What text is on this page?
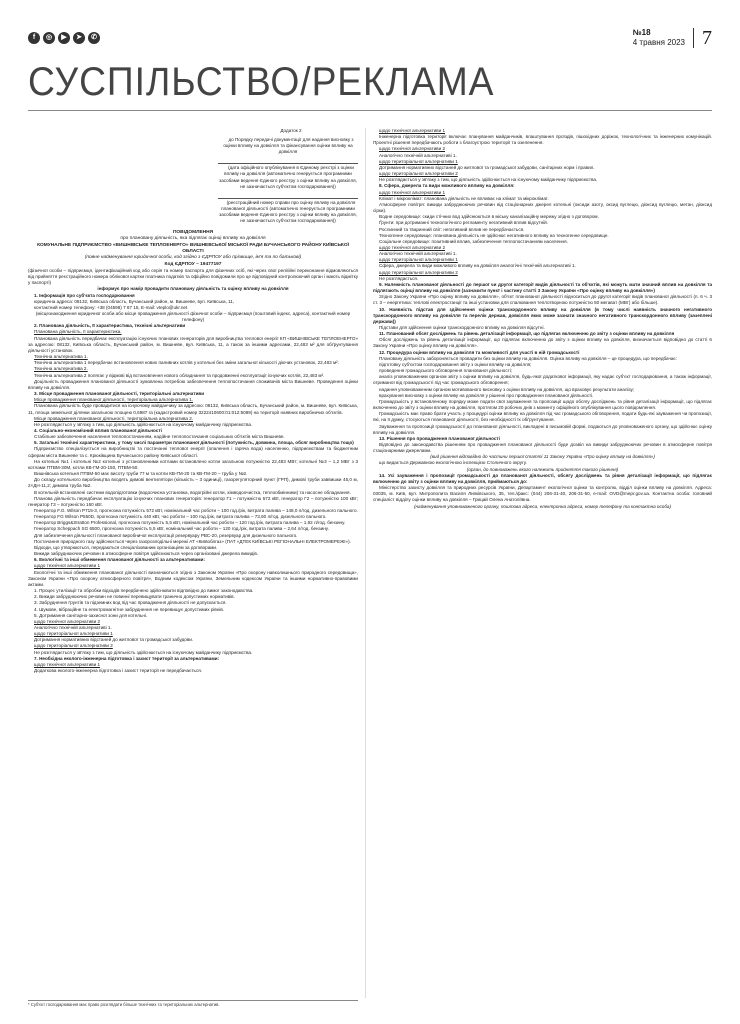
f	◎	▶	➤	✆
№18
4 травня 2023 7
СУСПІЛЬСТВО/РЕКЛАМА

Додаток 2

до Порядку передачі документації для надання висновку з оцінки впливу на довкілля та фінансування оцінки впливу на довкілля

(дата офіційного опублікування в Єдиному реєстрі з оцінки впливу на довкілля (автоматично генерується програмними засобами ведення Єдиного реєстру з оцінки впливу на довкілля, не зазначається суб'єктом господарювання))

(реєстраційний номер справи про оцінку впливу на довкілля планованої діяльності (автоматично генерується програмними засобами ведення Єдиного реєстру з оцінки впливу на довкілля, не зазначається суб'єктом господарювання))

ПОВІДОМЛЕННЯ
про плановану діяльність, яка підлягає оцінці впливу на довкілля
КОМУНАЛЬНЕ ПІДПРИЄМСТВО «ВИШНІВСЬКЕ ТЕПЛОЕНЕРГО» ВИШНЕВСЬКОЇ МІСЬКОЇ РАДИ БУЧАНСЬКОГО РАЙОНУ КИЇВСЬКОЇ ОБЛАСТІ
(повне найменування юридичної особи, код згідно з ЄДРПОУ або прізвище, ім'я та по батькові)
Код ЄДРПОУ – 19477197

(фізичної особи – підприємця, ідентифікаційний код або серія та номер паспорта для фізичних осіб, які через свої релігійні переконання відмовляються від прийняття реєстраційного номера облікової картки платника податків та офіційно повідомили про це відповідний контролюючий орган і мають відмітку у паспорті)

інформує про намір провадити плановану діяльність та оцінку впливу на довкілля

1. Інформація про суб'єкта господарювання

юридична адреса: 08132, Київська область, Бучанський район, м. Вишневе, вул. Київська, 11,

контактний номер телефону: +38 (04598) 7 87 15, E-mail: vteplo@ukr.net

(місцезнаходження юридичної особи або місце провадження діяльності фізичної особи – підприємця (поштовий індекс, адреса), контактний номер телефону)

2. Планована діяльність, її характеристика, технічні альтернативи

Планована діяльність, її характеристика.

Планована діяльність передбачає експлуатацію існуючих планових генераторів для виробництва теплової енергії КП «ВИШНІВСЬКЕ ТЕПЛОЕНЕРГО» за адресою: 08132, Київська область, Бучанський район, м. Вишневе, вул. Київська, 11, а також за іншими адресами, 22,483 м² для обґрунтування діяльності установок.

Технічна альтернатива 1.

Технічна альтернатива 1 передбачає встановлення нових паливних котлів у котельні без зміни загальної кількості діючих установок, 22,483 м².

Технічна альтернатива 2.

Технічна альтернатива 2 полягає у відмові від встановлення нового обладнання та продовженні експлуатації існуючих котлів, 22,483 м².

Доцільність провадження планованої діяльності зумовлена потребою забезпечення теплопостачання споживачів міста Вишневе. Проведення оцінки впливу на довкілля.

3. Місце провадження планованої діяльності, територіальні альтернативи

Місце провадження планованої діяльності, територіальна альтернатива 1.

Планована діяльність буде провадитися на існуючому майданчику за адресою: 08132, Київська область, Бучанський район, м. Вишневе, вул. Київська, 11, площа земельної ділянки загальною площею 0,6987 га (кадастровий номер 3222410600:01:012:5089) на території наявних виробничих об'єктів.

Місце провадження планованої діяльності, територіальна альтернатива 2.

Не розглядається у зв'язку з тим, що діяльність здійснюється на існуючому майданчику підприємства.

4. Соціально-економічний вплив планованої діяльності

Стабільне забезпечення населення теплопостачанням, надійне теплопостачання соціальних об'єктів міста Вишневе.

5. Загальні технічні характеристики, у тому числі параметри планованої діяльності (потужність, довжина, площа, обсяг виробництва тощо)

Підприємство спеціалізується на виробництві та постачанні теплової енергії (опалення і гаряча вода) населенню, підприємствам та бюджетним сферам міста Вишневе та с. Крюківщина Бучанського району Київської області.

На котельні №1 і котельні №2 котельні з установленими котлами встановлено котли загальною потужністю 22,483 МВт; котельні №3 – 1,2 МВт з 3 котлами ПТВМ-30М, котли КВ-ГМ-20-150, ПТВМ-50.

Вишнівська котельня ПТВМ-50 має висоту труби 77 м та котли КВ-ГМ-20 та КВ-ГМ-20 – труба у №2.

До складу котельного виробництва входять димові вентилятори (кількість – 3 одиниці), газорегуляторний пункт (ГРП), димові труби заввишки 45,0 м, 2×ДН-11,2; димова труба №2.

В котельній встановлені системи водопідготовки (водоочисна установка, водогрійні котли, хімводоочистка, теплообмінники) та насосне обладнання.

Планова діяльність передбачає експлуатацію існуючих планових генераторів: генератор Г1 – потужністю 572 кВт, генератор Г2 – потужністю 100 кВт; генератор Г3 – потужністю 160 кВт.

Генератор F.G. Wilson P715-3, прогнозна потужність 572 кВт, номінальний час роботи – 100 год./рік, витрата палива – 148,0 л/год. дизельного пального.

Генератор FG Wilson P550D, прогнозна потужність 440 кВт, час роботи – 100 год./рік, витрата палива – 73,60 л/год. дизельного пального.

Генератор Briggs&Stratton Professional, прогнозна потужність 5,5 кВт, номінальний час роботи – 120 год./рік, витрата палива – 1,92 л/год. бензину.

Генератор Scheppach SG 6500, прогнозна потужність 5,5 кВт, номінальний час роботи – 120 год./рік, витрата палива – 2,64 л/год. бензину.

Для забезпечення діяльності планованої виробничої експлуатації резервуару РВС-20, резервуар для дизельного пального.

Постачання природного газу здійснюється через газорозподільні мережі АТ «Київоблгаз» (ПАТ «ДТЕК КИЇВСЬКІ РЕГІОНАЛЬНІ ЕЛЕКТРОМЕРЕЖІ»).

Відходи, що утворюються, передаються спеціалізованим організаціям за договорами.

Викиди забруднюючих речовин в атмосферне повітря здійснюються через організовані джерела викидів.

6. Екологічні та інші обмеження планованої діяльності за альтернативами:

щодо технічної альтернативи 1

Екологічні та інші обмеження планованої діяльності визначаються згідно з Законом України «Про охорону навколишнього природного середовища», Законом України «Про охорону атмосферного повітря», Водним кодексом України, Земельним кодексом України та іншими нормативно-правовими актами.

1. Процес утилізації та обробки відходів передбачено здійснювати відповідно до вимог законодавства.

2. Викиди забруднюючих речовин не повинні перевищувати гранично допустимих нормативів.

3. Забруднення ґрунтів та підземних вод під час провадження діяльності не допускається.

4. Шумове, вібраційне та електромагнітне забруднення не перевищує допустимих рівнів.

5. Дотримання санітарно-захисної зони для котельні.

щодо технічної альтернативи 2

Аналогічно технічній альтернативі 1.

щодо територіальної альтернативи 1

Дотримання нормативних відстаней до житлової та громадської забудови.

щодо територіальної альтернативи 2

Не розглядається у зв'язку з тим, що діяльність здійснюється на існуючому майданчику підприємства.

7. Необхідна еколого-інженерна підготовка і захист території за альтернативами:

щодо технічної альтернативи 1

Додаткова еколого-інженерна підготовка і захист території не передбачається.

щодо технічної альтернативи 1

Інженерна підготовка території включає планування майданчиків, влаштування проїздів, пішохідних доріжок, технологічних та інженерних комунікацій. Проектні рішення передбачають роботи з благоустрою території та озеленення.

щодо технічної альтернативи 2

Аналогічно технічній альтернативі 1.

щодо територіальної альтернативи 1

Дотримання нормативних відстаней до житлової та громадської забудови, санітарних норм і правил.

щодо територіальної альтернативи 2

Не розглядається у зв'язку з тим, що діяльність здійснюється на існуючому майданчику підприємства.

8. Сфера, джерела та види можливого впливу на довкілля:

щодо технічної альтернативи 1

Клімат і мікроклімат: планована діяльність не впливає на клімат та мікроклімат.

Атмосферне повітря: викиди забруднюючих речовин від стаціонарних джерел котельні (оксиди азоту, оксид вуглецю, діоксид вуглецю, метан, діоксид сірки).

Водне середовище: скиди стічних вод здійснюються в міську каналізаційну мережу згідно з договором.

Ґрунти: при дотриманні технологічного регламенту негативний вплив відсутній.

Рослинний та тваринний світ: негативний вплив не передбачається.

Техногенне середовище: планована діяльність не здійснює негативного впливу на техногенне середовище.

Соціальне середовище: позитивний вплив, забезпечення теплопостачанням населення.

щодо технічної альтернативи 2

Аналогічно технічній альтернативі 1.

щодо територіальної альтернативи 1

Сфера, джерела та види можливого впливу на довкілля аналогічні технічній альтернативі 1.

щодо територіальної альтернативи 2

Не розглядається.

9. Належність планованої діяльності до першої чи другої категорії видів діяльності та об'єктів, які можуть мати значний вплив на довкілля та підлягають оцінці впливу на довкілля (зазначити пункт і частину статті 3 Закону України «Про оцінку впливу на довкілля»)

Згідно Закону України «Про оцінку впливу на довкілля», об'єкт планованої діяльності відноситься до другої категорії видів планованої діяльності (п. 6 ч. 3 ст. 3 – енергетика: теплові електростанції та інші установки для спалювання теплотворною потужністю 50 мегават (МВт) або більше).

10. Наявність підстав для здійснення оцінки транскордонного впливу на довкілля (в тому числі наявність значного негативного транскордонного впливу на довкілля та перелік держав, довкілля яких може зазнати значного негативного транскордонного впливу (зачеплені держави))

Підстави для здійснення оцінки транскордонного впливу на довкілля відсутні.

11. Планований обсяг досліджень та рівень деталізації інформації, що підлягає включенню до звіту з оцінки впливу на довкілля

Обсяг досліджень та рівень деталізації інформації, що підлягає включенню до звіту з оцінки впливу на довкілля, визначається відповідно до статті 6 Закону України «Про оцінку впливу на довкілля».

12. Процедура оцінки впливу на довкілля та можливості для участі в ній громадськості

Плановану діяльність забороняється провадити без оцінки впливу на довкілля. Оцінка впливу на довкілля – це процедура, що передбачає:

підготовку суб'єктом господарювання звіту з оцінки впливу на довкілля;

проведення громадського обговорення планованої діяльності;

аналіз уповноваженим органом звіту з оцінки впливу на довкілля, будь-якої додаткової інформації, яку надає суб'єкт господарювання, а також інформації, отриманої від громадськості під час громадського обговорення;

надання уповноваженим органом мотивованого висновку з оцінки впливу на довкілля, що враховує результати аналізу;

врахування висновку з оцінки впливу на довкілля у рішенні про провадження планованої діяльності.

Громадськість у встановленому порядку може подати свої зауваження та пропозиції щодо обсягу досліджень та рівня деталізації інформації, що підлягає включенню до звіту з оцінки впливу на довкілля, протягом 20 робочих днів з моменту офіційного опублікування цього повідомлення.

Громадськість має право брати участь у процедурі оцінки впливу на довкілля під час громадського обговорення, подати будь-які зауваження чи пропозиції, які, на її думку, стосуються планованої діяльності, без необхідності їх обґрунтування.

Зауваження та пропозиції громадськості до планованої діяльності, викладені в письмовій формі, подаються до уповноваженого органу, що здійснює оцінку впливу на довкілля.

13. Рішення про провадження планованої діяльності

Відповідно до законодавства рішенням про провадження планованої діяльності буде дозвіл на викиди забруднюючих речовин в атмосферне повітря стаціонарними джерелами.

(вид рішення відповідно до частини першої статті 11 Закону України «Про оцінку впливу на довкілля»)

що видається Державною екологічною інспекцією Столичного округу.

(орган, до повноважень якого належить прийняття такого рішення)

14. Усі зауваження і пропозиції громадськості до планованої діяльності, обсягу досліджень та рівня деталізації інформації, що підлягає включенню до звіту з оцінки впливу на довкілля, приймаються до:

Міністерство захисту довкілля та природних ресурсів України, Департамент екологічної оцінки та контролю, відділ оцінки впливу на довкілля. Адреса: 03035, м. Київ, вул. Митрополита Василя Липківського, 35, тел./факс: (044) 206-31-40, 206-31-50, e-mail: OVD@mepr.gov.ua. Контактна особа: головний спеціаліст відділу оцінки впливу на довкілля – Грицай Олена Анатоліївна.

(найменування уповноваженого органу, поштова адреса, електронна адреса, номер телефону та контактна особа)

* Суб'єкт господарювання має право розглядати більше технічних та територіальних альтернатив.
